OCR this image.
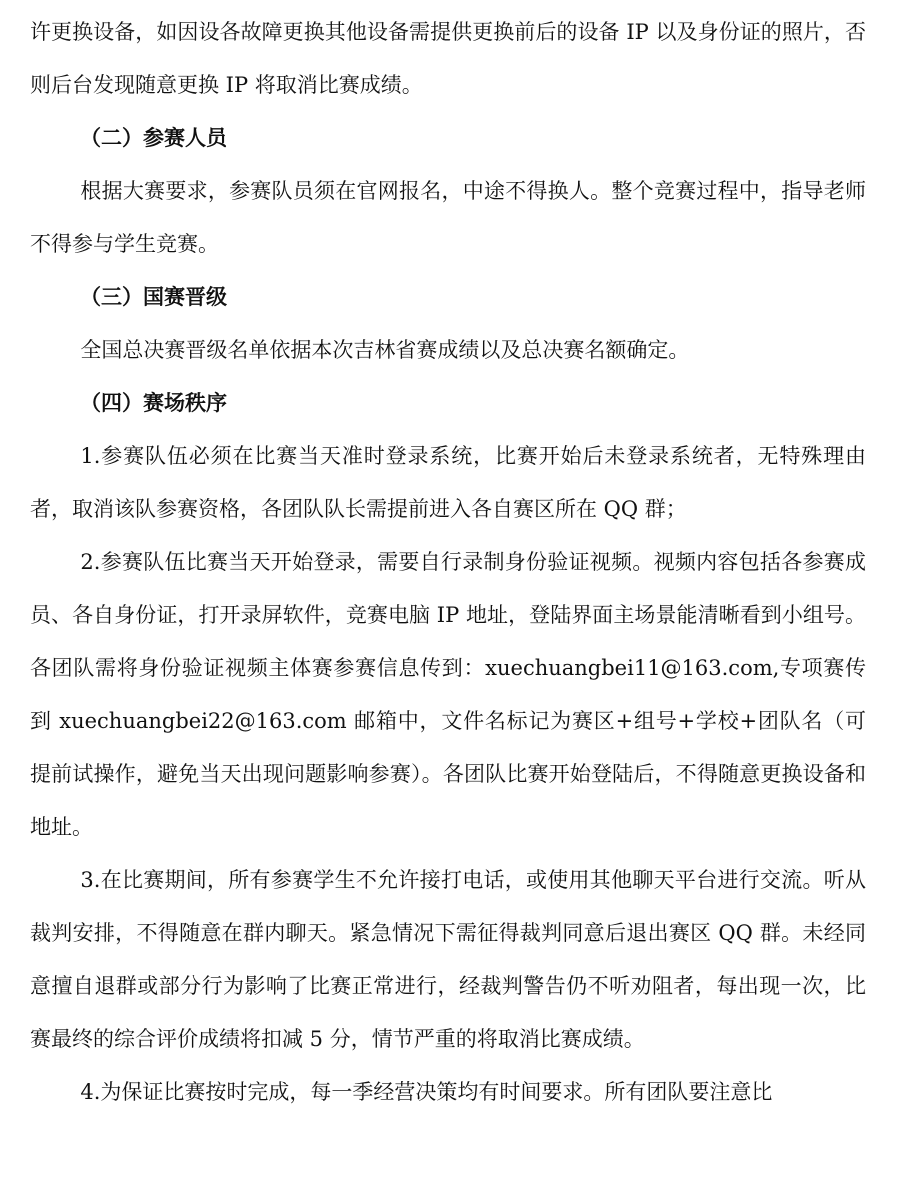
许更换设备，如因设各故障更换其他设备需提供更换前后的设备 IP 以及身份证的照片，否则后台发现随意更换 IP 将取消比赛成绩。

（二）参赛人员

根据大赛要求，参赛队员须在官网报名，中途不得换人。整个竞赛过程中，指导老师不得参与学生竞赛。

（三）国赛晋级

全国总决赛晋级名单依据本次吉林省赛成绩以及总决赛名额确定。

（四）赛场秩序

1.参赛队伍必须在比赛当天准时登录系统，比赛开始后未登录系统者，无特殊理由者，取消该队参赛资格，各团队队长需提前进入各自赛区所在 QQ 群；

2.参赛队伍比赛当天开始登录，需要自行录制身份验证视频。视频内容包括各参赛成员、各自身份证，打开录屏软件，竞赛电脑 IP 地址，登陆界面主场景能清晰看到小组号。各团队需将身份验证视频主体赛参赛信息传到：xuechuangbei11@163.com,专项赛传到 xuechuangbei22@163.com 邮箱中，文件名标记为赛区+组号+学校+团队名（可提前试操作，避免当天出现问题影响参赛）。各团队比赛开始登陆后，不得随意更换设备和地址。

3.在比赛期间，所有参赛学生不允许接打电话，或使用其他聊天平台进行交流。听从裁判安排，不得随意在群内聊天。紧急情况下需征得裁判同意后退出赛区 QQ 群。未经同意擅自退群或部分行为影响了比赛正常进行，经裁判警告仍不听劝阻者，每出现一次，比赛最终的综合评价成绩将扣减 5 分，情节严重的将取消比赛成绩。

4.为保证比赛按时完成，每一季经营决策均有时间要求。所有团队要注意比
